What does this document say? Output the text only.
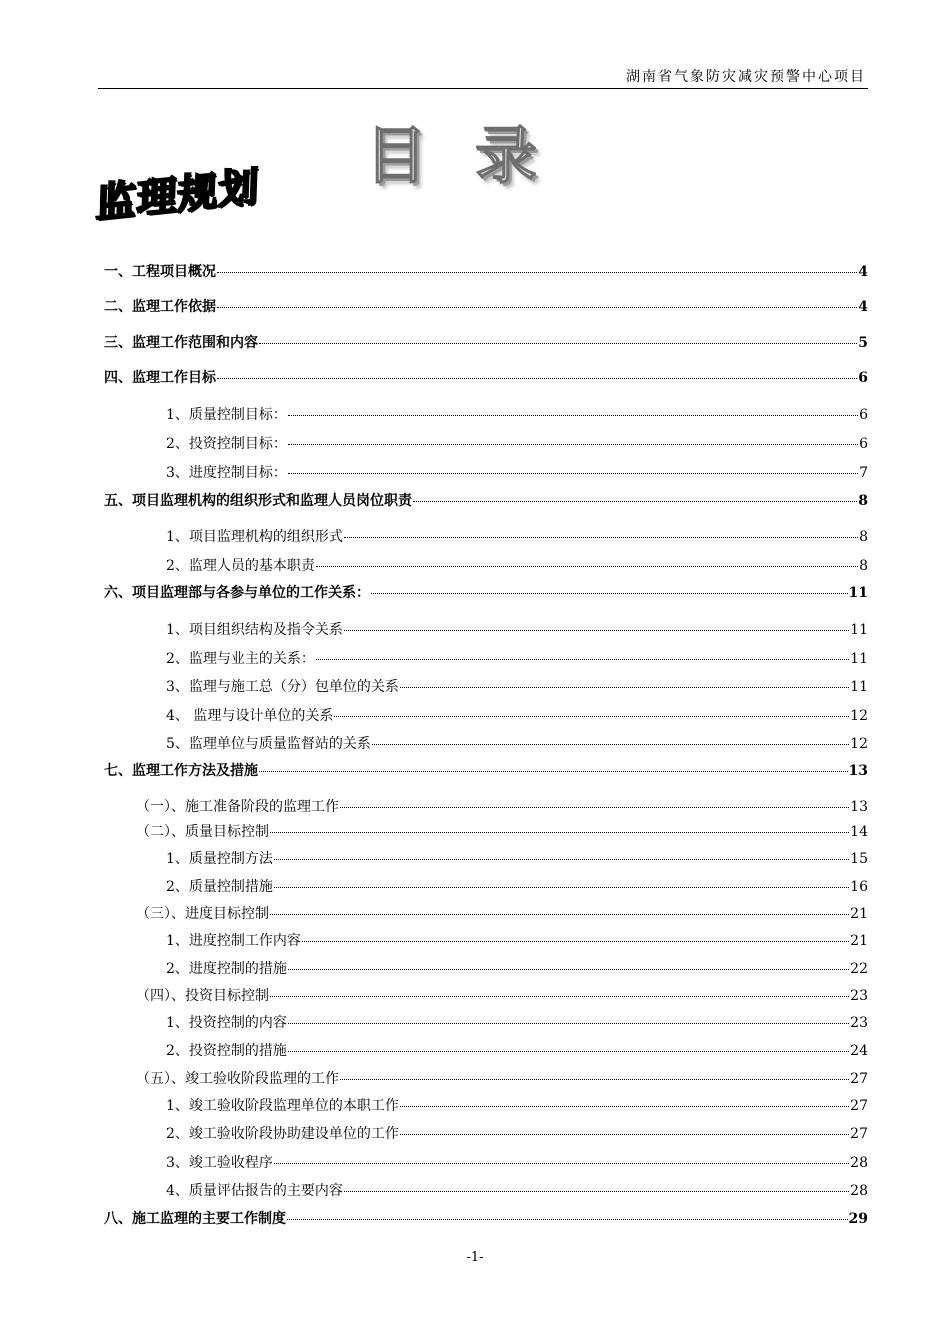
湖南省气象防灾减灾预警中心项目
目录
监理规划
一、工程项目概况	4
二、监理工作依据	4
三、监理工作范围和内容	5
四、监理工作目标	6
1、质量控制目标：	6
2、投资控制目标：	6
3、进度控制目标：	7
五、项目监理机构的组织形式和监理人员岗位职责	8
1、项目监理机构的组织形式	8
2、监理人员的基本职责	8
六、项目监理部与各参与单位的工作关系：	11
1、项目组织结构及指令关系	11
2、监理与业主的关系：	11
3、监理与施工总（分）包单位的关系	11
4、 监理与设计单位的关系	12
5、监理单位与质量监督站的关系	12
七、监理工作方法及措施	13
（一）、施工准备阶段的监理工作	13
（二）、质量目标控制	14
1、质量控制方法	15
2、质量控制措施	16
（三）、进度目标控制	21
1、进度控制工作内容	21
2、进度控制的措施	22
（四）、投资目标控制	23
1、投资控制的内容	23
2、投资控制的措施	24
（五）、竣工验收阶段监理的工作	27
1、竣工验收阶段监理单位的本职工作	27
2、竣工验收阶段协助建设单位的工作	27
3、竣工验收程序	28
4、质量评估报告的主要内容	28
八、施工监理的主要工作制度	29
-1-
